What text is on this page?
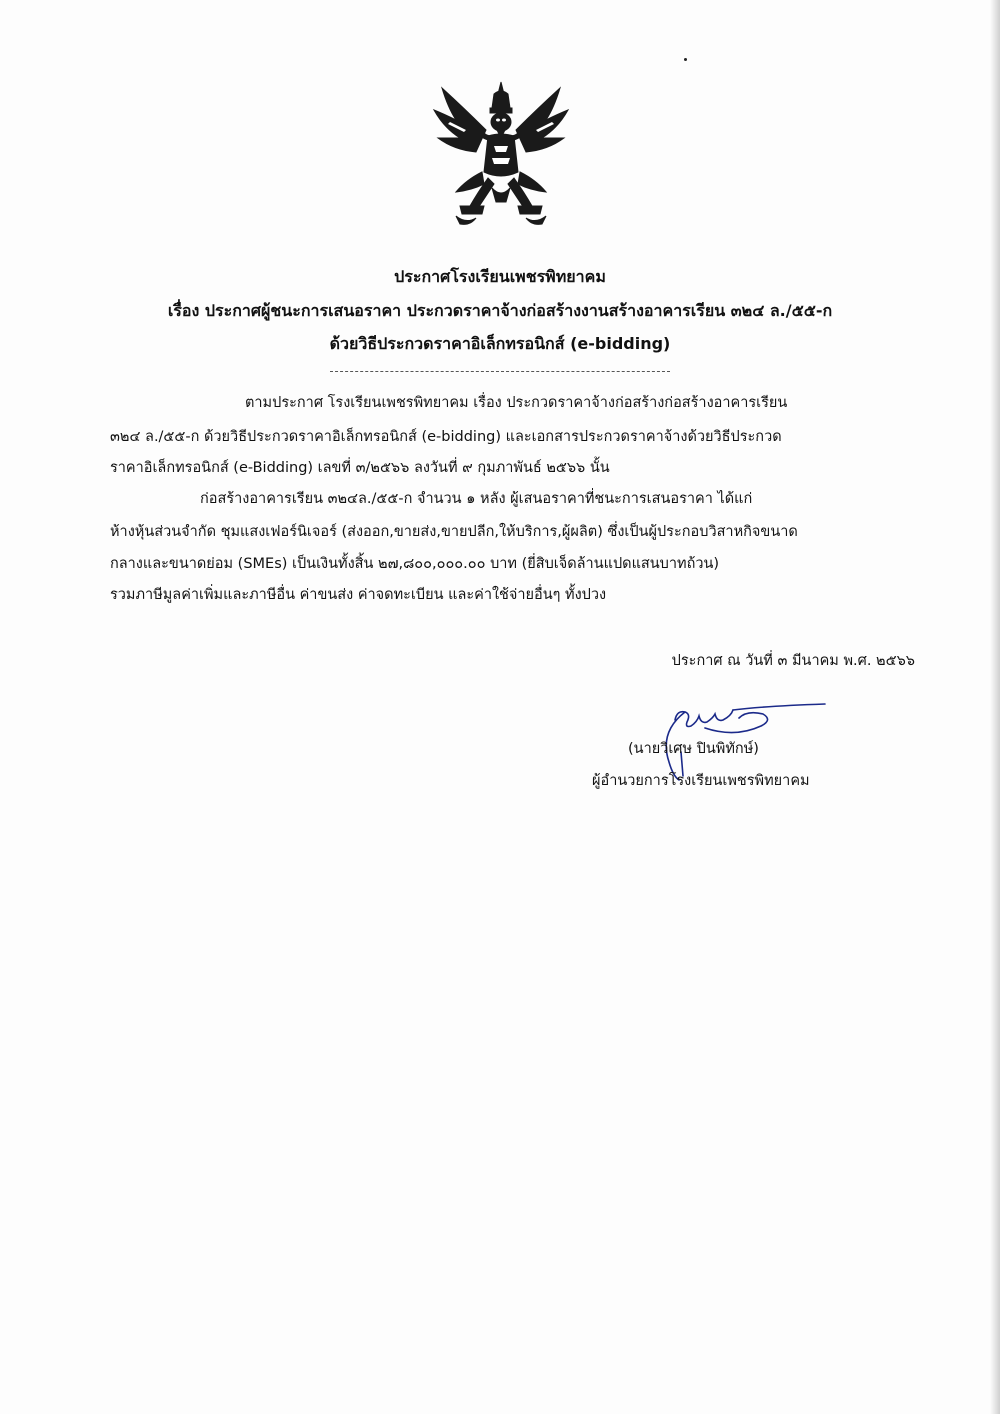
ประกาศโรงเรียนเพชรพิทยาคม
เรื่อง ประกาศผู้ชนะการเสนอราคา ประกวดราคาจ้างก่อสร้างงานสร้างอาคารเรียน ๓๒๔ ล./๕๕-ก
ด้วยวิธีประกวดราคาอิเล็กทรอนิกส์ (e-bidding)
ตามประกาศ โรงเรียนเพชรพิทยาคม เรื่อง ประกวดราคาจ้างก่อสร้างก่อสร้างอาคารเรียน
๓๒๔ ล./๕๕-ก ด้วยวิธีประกวดราคาอิเล็กทรอนิกส์ (e-bidding) และเอกสารประกวดราคาจ้างด้วยวิธีประกวด
ราคาอิเล็กทรอนิกส์ (e-Bidding) เลขที่ ๓/๒๕๖๖ ลงวันที่ ๙ กุมภาพันธ์ ๒๕๖๖ นั้น
ก่อสร้างอาคารเรียน ๓๒๔ล./๕๕-ก จำนวน ๑ หลัง ผู้เสนอราคาที่ชนะการเสนอราคา ได้แก่
ห้างหุ้นส่วนจำกัด ชุมแสงเฟอร์นิเจอร์ (ส่งออก,ขายส่ง,ขายปลีก,ให้บริการ,ผู้ผลิต) ซึ่งเป็นผู้ประกอบวิสาหกิจขนาด
กลางและขนาดย่อม (SMEs) เป็นเงินทั้งสิ้น ๒๗,๘๐๐,๐๐๐.๐๐ บาท (ยี่สิบเจ็ดล้านแปดแสนบาทถ้วน)
รวมภาษีมูลค่าเพิ่มและภาษีอื่น ค่าขนส่ง ค่าจดทะเบียน และค่าใช้จ่ายอื่นๆ ทั้งปวง
ประกาศ ณ วันที่ ๓ มีนาคม พ.ศ. ๒๕๖๖
(นายวิเศษ ปินพิทักษ์)
ผู้อำนวยการโรงเรียนเพชรพิทยาคม
